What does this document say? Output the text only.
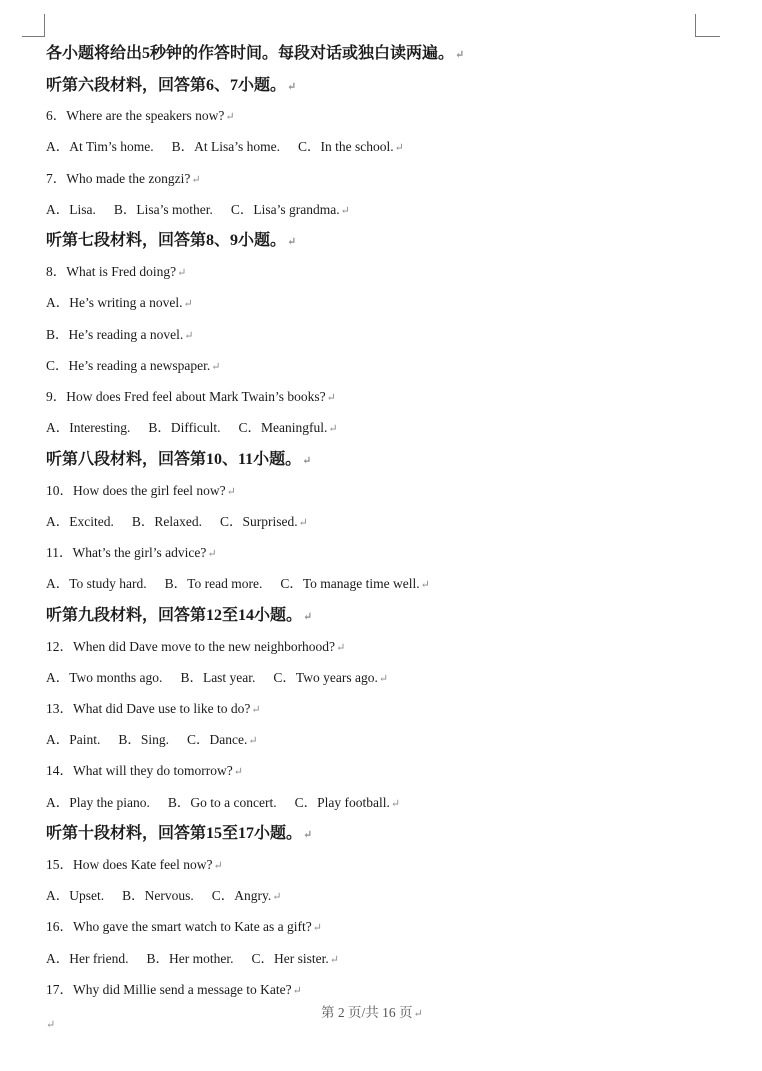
各小题将给出5秒钟的作答时间。每段对话或独白读两遍。↵
听第六段材料，回答第6、7小题。↵
6．Where are the speakers now?↵
A．At Tim’s home. B．At Lisa’s home. C．In the school.↵
7．Who made the zongzi?↵
A．Lisa. B．Lisa’s mother. C．Lisa’s grandma.↵
听第七段材料，回答第8、9小题。↵
8．What is Fred doing?↵
A．He’s writing a novel.↵
B．He’s reading a novel.↵
C．He’s reading a newspaper.↵
9．How does Fred feel about Mark Twain’s books?↵
A．Interesting. B．Difficult. C．Meaningful.↵
听第八段材料，回答第10、11小题。↵
10．How does the girl feel now?↵
A．Excited. B．Relaxed. C．Surprised.↵
11．What’s the girl’s advice?↵
A．To study hard. B．To read more. C．To manage time well.↵
听第九段材料，回答第12至14小题。↵
12．When did Dave move to the new neighborhood?↵
A．Two months ago. B．Last year. C．Two years ago.↵
13．What did Dave use to like to do?↵
A．Paint. B．Sing. C．Dance.↵
14．What will they do tomorrow?↵
A．Play the piano. B．Go to a concert. C．Play football.↵
听第十段材料，回答第15至17小题。↵
15．How does Kate feel now?↵
A．Upset. B．Nervous. C．Angry.↵
16．Who gave the smart watch to Kate as a gift?↵
A．Her friend. B．Her mother. C．Her sister.↵
17．Why did Millie send a message to Kate?↵
第 2 页/共 16 页↵
↵
